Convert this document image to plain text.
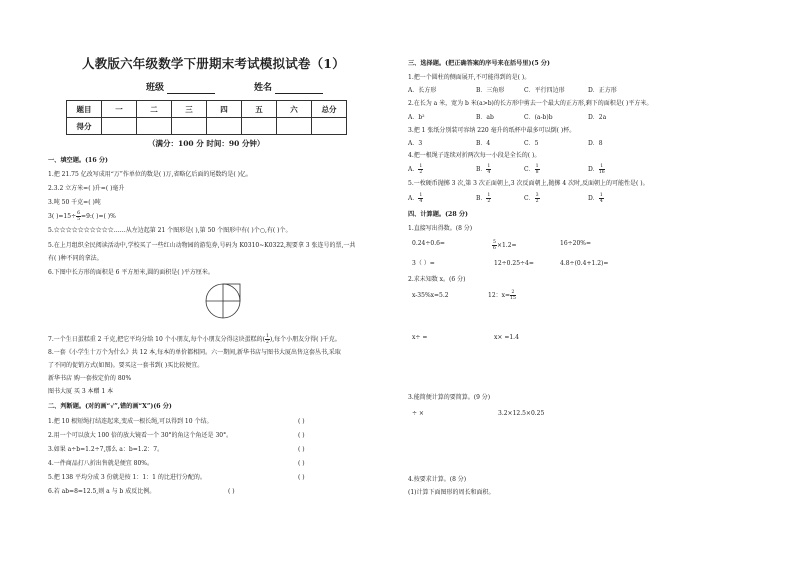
人教版六年级数学下册期末考试模拟试卷（1）
班级	姓名
题目	一	二	三	四	五	六	总分
得分							
（满分：100 分 时间：90 分钟）
一、填空题。(16 分)
1.把 21.75 亿改写成用“万”作单位的数是( )万,省略亿后面的尾数约是( )亿。
2.3.2 立方米=( )升=( )毫升
3.吨 50 千克=( )吨
3( )$=15\div \frac{6}{5}$ =9:( )=( )%
5.☆☆☆☆☆☆☆☆☆☆……从左边起第 21 个图形是( ),第 50 个图形中有( )个○,有( )个。
5.在上月组织全民阅读活动中,学校买了一些红山动物园的游览券,号码为 K0310~K0322,现要拿 3 张连号的票,一共
有( )种不同的拿法。
6.下图中长方形的面积是 6 平方厘米,圆的面积是( )平方厘米。
7.一个生日蛋糕重 2 千克,把它平均分给 10 个小朋友,每个小朋友分得这块蛋糕的( $\frac{1}{2}$ ),每个小朋友分得( )千克。
8.一套《小学生十万个为什么》共 12 本,每本的单价都相同。六一期间,新华书店与图书大厦出售这套丛书,采取
了不同的促销方式(如图)。要买这一套书到( )买比较便宜。
新华书店 购一套按定价的 80%
图书大厦 买 3 本赠 1 本
二、判断题。(对的画“√”,错的画“X”)(6 分)
1.把 10 根短绳打结连起来,变成一根长绳,可以得到 10 个结。	( )
2.用一个可以放大 100 倍的放大镜看一个 30°的角这个角还是 30°。	( )
3.如果 a÷b=1.2÷7,那么 a：b=1.2：7。	( )
4.一件商品打八折出售就是便宜 80%。	( )
5.把 138 平均分成 3 份就是按 1：1：1 的比进行分配的。	( )
6.若 ab=8=12.5,则 a 与 b 成反比例。	( )
三、选择题。(把正确答案的序号来在括号里)(5 分)
1.把一个圆柱的侧面展开,不可能得到的是( )。
A．长方形	B．三角形	C．平行四边形	D．正方形
2.在长为 a 米，宽为 b 米(a>b)的长方形中剪去一个最大的正方形,剩下的面积是( )平方米。
A．b²	B．ab	C．(a-b)b	D．2a
3.把 1 张纸分别装可容纳 220 毫升的纸杯中最多可以倒( )杯。
A．3	B．4	C．5	D．8
4.把一根绳子连续对折两次每一小段是全长的( )。
A． $\frac{1}{2}$	B． $\frac{1}{4}$	C． $\frac{1}{8}$	D． $\frac{1}{16}$
5.一枚硬币抛掷 3 次,第 3 次正面朝上,3 次反面朝上,抛掷 4 次时,反面朝上的可能性是( )。
A． $\frac{1}{4}$	B． $\frac{1}{2}$	C． $\frac{3}{2}$	D． $\frac{1}{4}$
四、计算题。(28 分)
1.直接写出得数。(8 分)
0.24÷0.6=	$\frac{5}{6} \times 1.2=$	16÷20%=
3（ ）=	12÷0.25÷4=	4.8÷(0.4+1.2)=
2.求未知数 x。(6 分)
x-35%x=5.2	12：$x= \frac{2}{15}$
x÷ =	x× =1.4
3.能简便计算的要简算。(9 分)
÷ ×	3.2×12.5×0.25
4.按要求计算。(8 分)
(1)计算下面图形的周长和面积。
